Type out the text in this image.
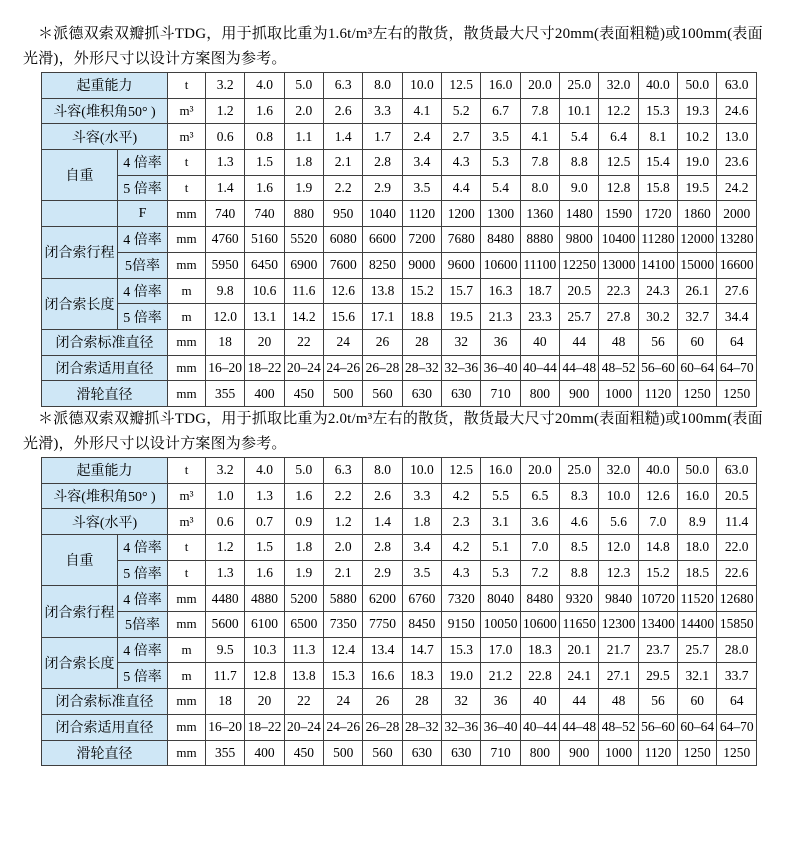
＊派德双索双瓣抓斗TDG，用于抓取比重为1.6t/m³左右的散货，散货最大尺寸20mm(表面粗糙)或100mm(表面光滑)，外形尺寸以设计方案图为参考。

起重能力		t	3.2	4.0	5.0	6.3	8.0	10.0	12.5	16.0	20.0	25.0	32.0	40.0	50.0	63.0
斗容(堆积角50° )		m³	1.2	1.6	2.0	2.6	3.3	4.1	5.2	6.7	7.8	10.1	12.2	15.3	19.3	24.6
斗容(水平)		m³	0.6	0.8	1.1	1.4	1.7	2.4	2.7	3.5	4.1	5.4	6.4	8.1	10.2	13.0
自重	4 倍率	t	1.3	1.5	1.8	2.1	2.8	3.4	4.3	5.3	7.8	8.8	12.5	15.4	19.0	23.6
	5 倍率	t	1.4	1.6	1.9	2.2	2.9	3.5	4.4	5.4	8.0	9.0	12.8	15.8	19.5	24.2
	F	mm	740	740	880	950	1040	1120	1200	1300	1360	1480	1590	1720	1860	2000
闭合索行程	4 倍率	mm	4760	5160	5520	6080	6600	7200	7680	8480	8880	9800	10400	11280	12000	13280
	5倍率	mm	5950	6450	6900	7600	8250	9000	9600	10600	11100	12250	13000	14100	15000	16600
闭合索长度	4 倍率	m	9.8	10.6	11.6	12.6	13.8	15.2	15.7	16.3	18.7	20.5	22.3	24.3	26.1	27.6
	5 倍率	m	12.0	13.1	14.2	15.6	17.1	18.8	19.5	21.3	23.3	25.7	27.8	30.2	32.7	34.4
闭合索标准直径		mm	18	20	22	24	26	28	32	36	40	44	48	56	60	64
闭合索适用直径		mm	16–20	18–22	20–24	24–26	26–28	28–32	32–36	36–40	40–44	44–48	48–52	56–60	60–64	64–70
滑轮直径		mm	355	400	450	500	560	630	630	710	800	900	1000	1120	1250	1250

＊派德双索双瓣抓斗TDG，用于抓取比重为2.0t/m³左右的散货，散货最大尺寸20mm(表面粗糙)或100mm(表面光滑)，外形尺寸以设计方案图为参考。

起重能力		t	3.2	4.0	5.0	6.3	8.0	10.0	12.5	16.0	20.0	25.0	32.0	40.0	50.0	63.0
斗容(堆积角50° )		m³	1.0	1.3	1.6	2.2	2.6	3.3	4.2	5.5	6.5	8.3	10.0	12.6	16.0	20.5
斗容(水平)		m³	0.6	0.7	0.9	1.2	1.4	1.8	2.3	3.1	3.6	4.6	5.6	7.0	8.9	11.4
自重	4 倍率	t	1.2	1.5	1.8	2.0	2.8	3.4	4.2	5.1	7.0	8.5	12.0	14.8	18.0	22.0
	5 倍率	t	1.3	1.6	1.9	2.1	2.9	3.5	4.3	5.3	7.2	8.8	12.3	15.2	18.5	22.6
闭合索行程	4 倍率	mm	4480	4880	5200	5880	6200	6760	7320	8040	8480	9320	9840	10720	11520	12680
	5倍率	mm	5600	6100	6500	7350	7750	8450	9150	10050	10600	11650	12300	13400	14400	15850
闭合索长度	4 倍率	m	9.5	10.3	11.3	12.4	13.4	14.7	15.3	17.0	18.3	20.1	21.7	23.7	25.7	28.0
	5 倍率	m	11.7	12.8	13.8	15.3	16.6	18.3	19.0	21.2	22.8	24.1	27.1	29.5	32.1	33.7
闭合索标准直径		mm	18	20	22	24	26	28	32	36	40	44	48	56	60	64
闭合索适用直径		mm	16–20	18–22	20–24	24–26	26–28	28–32	32–36	36–40	40–44	44–48	48–52	56–60	60–64	64–70
滑轮直径		mm	355	400	450	500	560	630	630	710	800	900	1000	1120	1250	1250
